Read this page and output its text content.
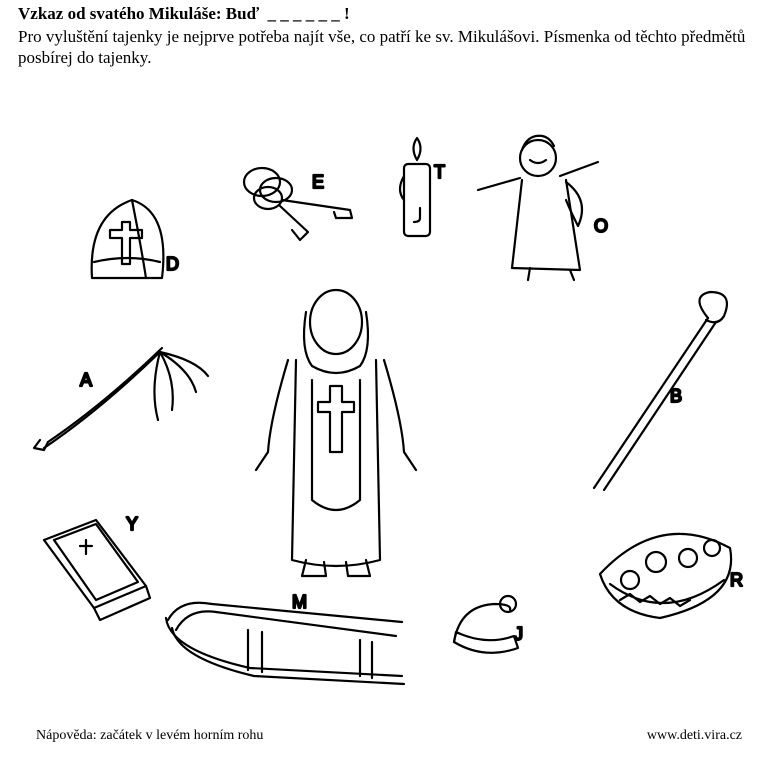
Vzkaz od svatého Mikuláše: Buď  _ _ _ _ _ _ !
Pro vyluštění tajenky je nejprve potřeba najít vše, co patří ke sv. Mikulášovi. Písmenka od těchto předmětů posbírej do tajenky.
D
E	T
O
A
B
Y
M
J
R
Nápověda: začátek v levém horním rohu	www.deti.vira.cz
